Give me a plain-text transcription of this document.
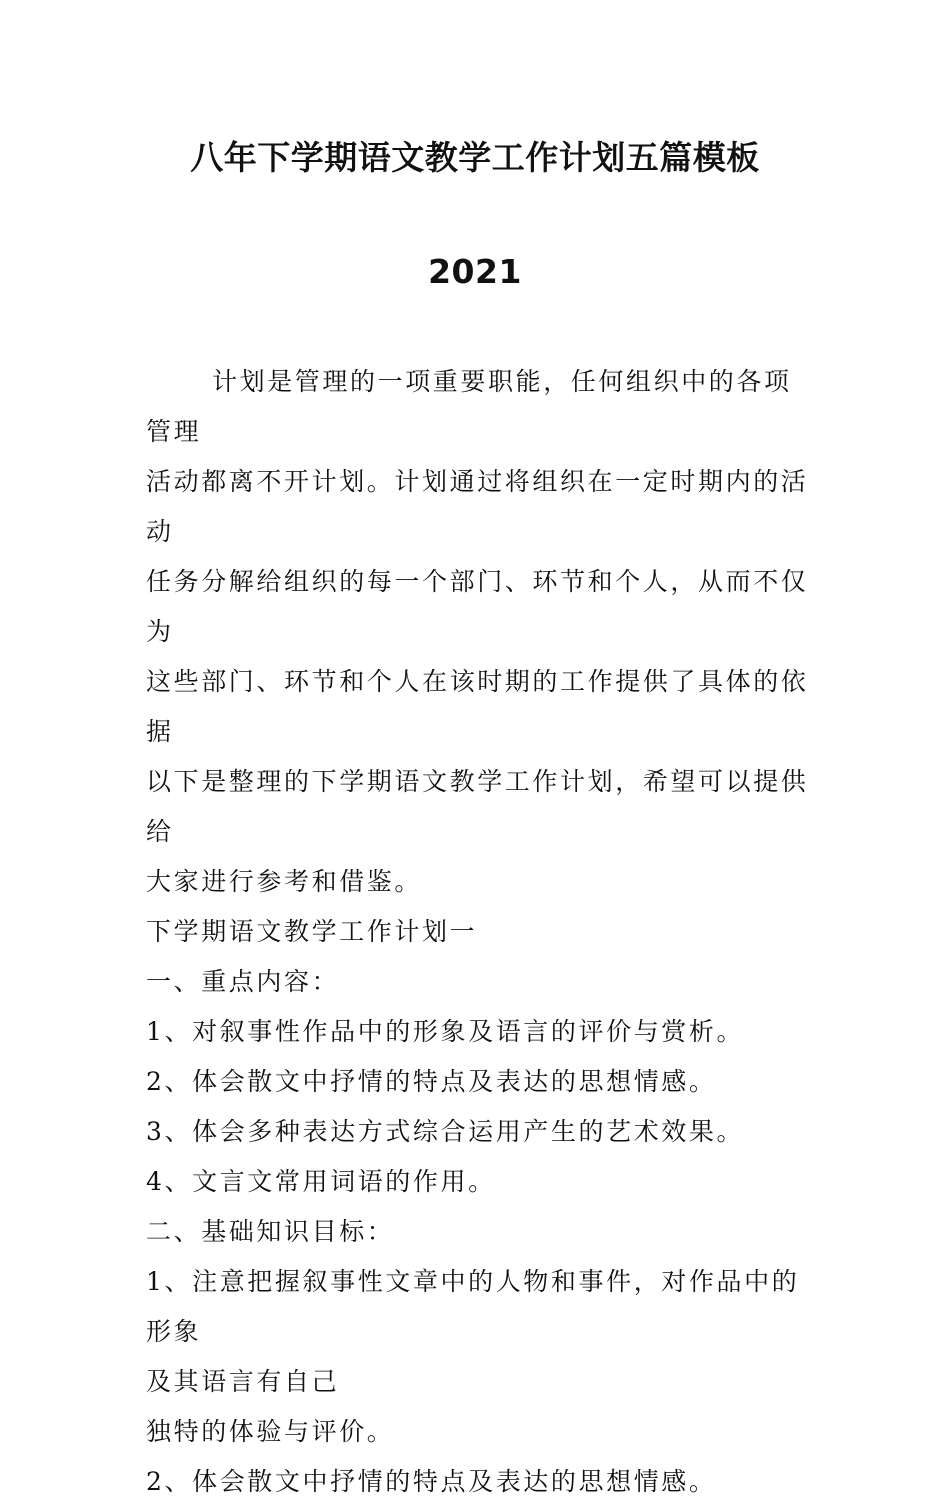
八年下学期语文教学工作计划五篇模板
2021

计划是管理的一项重要职能，任何组织中的各项管理

活动都离不开计划。计划通过将组织在一定时期内的活动

任务分解给组织的每一个部门、环节和个人，从而不仅为

这些部门、环节和个人在该时期的工作提供了具体的依据

以下是整理的下学期语文教学工作计划，希望可以提供给

大家进行参考和借鉴。

下学期语文教学工作计划一

一、重点内容：

1、对叙事性作品中的形象及语言的评价与赏析。

2、体会散文中抒情的特点及表达的思想情感。

3、体会多种表达方式综合运用产生的艺术效果。

4、文言文常用词语的作用。

二、基础知识目标：

1、注意把握叙事性文章中的人物和事件，对作品中的形象

及其语言有自己

独特的体验与评价。

2、体会散文中抒情的特点及表达的思想情感。
